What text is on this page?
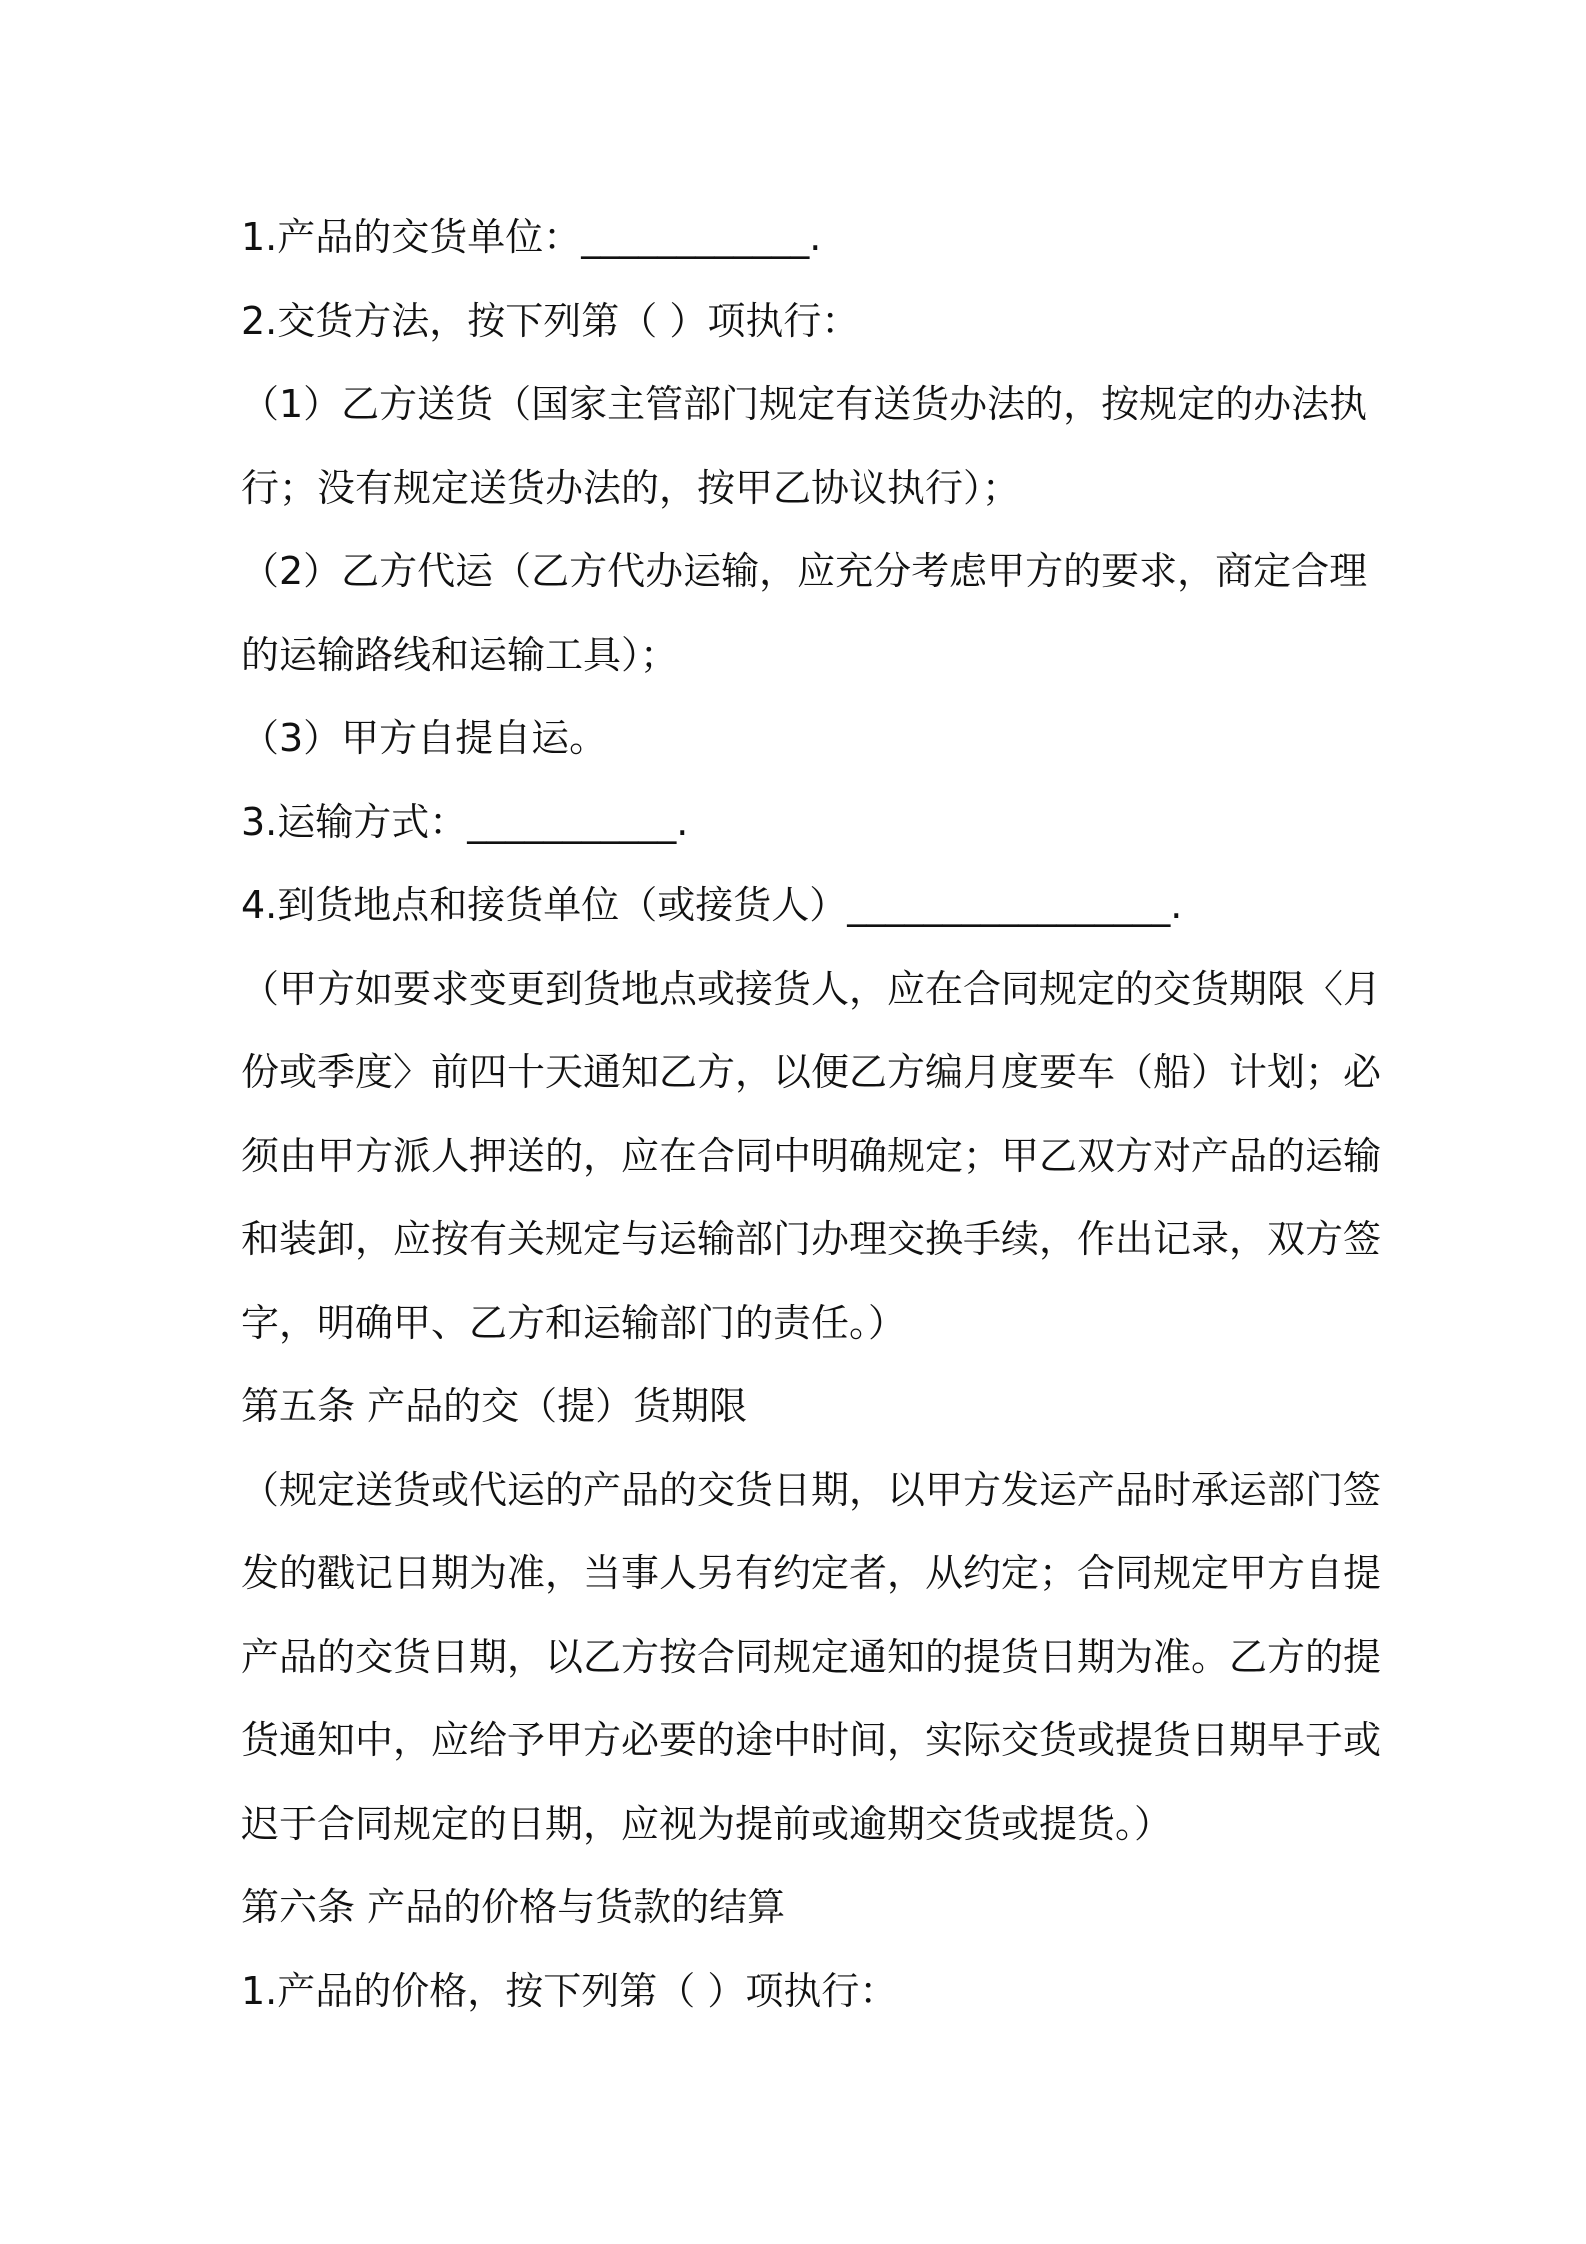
1.产品的交货单位：____________.
2.交货方法，按下列第（ ）项执行：
（1）乙方送货（国家主管部门规定有送货办法的，按规定的办法执
行；没有规定送货办法的，按甲乙协议执行）；
（2）乙方代运（乙方代办运输，应充分考虑甲方的要求，商定合理
的运输路线和运输工具）；
（3）甲方自提自运。
3.运输方式：___________.
4.到货地点和接货单位（或接货人）_________________.
（甲方如要求变更到货地点或接货人，应在合同规定的交货期限〈月
份或季度〉前四十天通知乙方，以便乙方编月度要车（船）计划；必
须由甲方派人押送的，应在合同中明确规定；甲乙双方对产品的运输
和装卸，应按有关规定与运输部门办理交换手续，作出记录，双方签
字，明确甲、乙方和运输部门的责任。）
第五条 产品的交（提）货期限
（规定送货或代运的产品的交货日期，以甲方发运产品时承运部门签
发的戳记日期为准，当事人另有约定者，从约定；合同规定甲方自提
产品的交货日期，以乙方按合同规定通知的提货日期为准。乙方的提
货通知中，应给予甲方必要的途中时间，实际交货或提货日期早于或
迟于合同规定的日期，应视为提前或逾期交货或提货。）
第六条 产品的价格与货款的结算
1.产品的价格，按下列第（ ）项执行：
